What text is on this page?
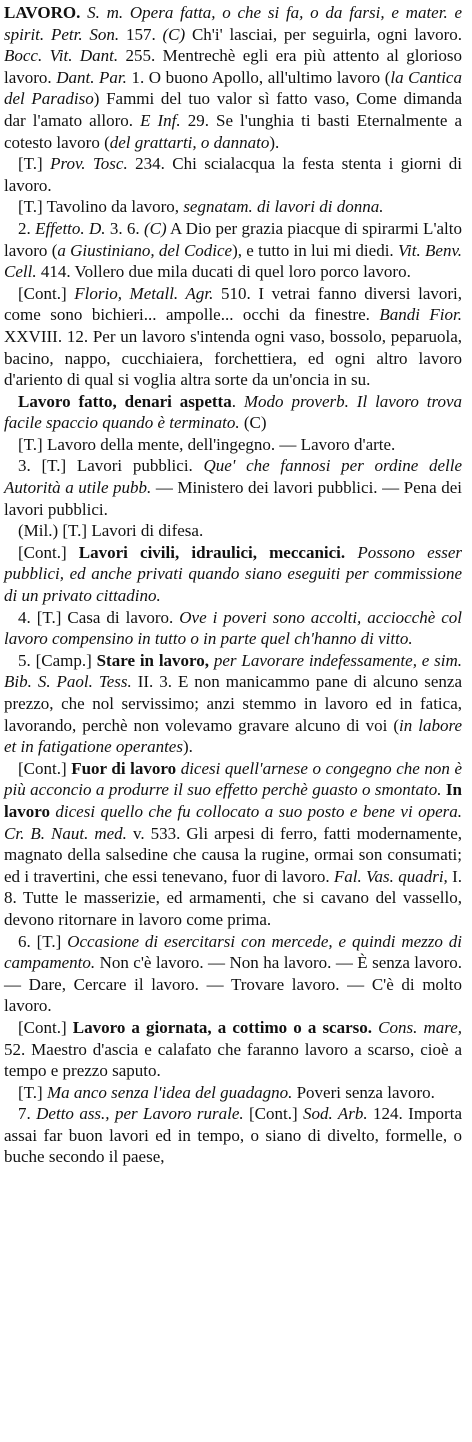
LAVORO. S. m. Opera fatta, o che si fa, o da farsi, e mater. e spirit. Petr. Son. 157. (C) Ch'i' lasciai, per seguirla, ogni lavoro. Bocc. Vit. Dant. 255. Mentrechè egli era più attento al glorioso lavoro. Dant. Par. 1. O buono Apollo, all'ultimo lavoro (la Cantica del Paradiso) Fammi del tuo valor sì fatto vaso, Come dimanda dar l'amato alloro. E Inf. 29. Se l'unghia ti basti Eternalmente a cotesto lavoro (del grattarti, o dannato).

[T.] Prov. Tosc. 234. Chi scialacqua la festa stenta i giorni di lavoro.

[T.] Tavolino da lavoro, segnatam. di lavori di donna.

2. Effetto. D. 3. 6. (C) A Dio per grazia piacque di spirarmi L'alto lavoro (a Giustiniano, del Codice), e tutto in lui mi diedi. Vit. Benv. Cell. 414. Vollero due mila ducati di quel loro porco lavoro.

[Cont.] Florio, Metall. Agr. 510. I vetrai fanno diversi lavori, come sono bichieri... ampolle... occhi da finestre. Bandi Fior. XXVIII. 12. Per un lavoro s'intenda ogni vaso, bossolo, peparuola, bacino, nappo, cucchiaiera, forchettiera, ed ogni altro lavoro d'ariento di qual si voglia altra sorte da un'oncia in su.

Lavoro fatto, denari aspetta. Modo proverb. Il lavoro trova facile spaccio quando è terminato. (C)

[T.] Lavoro della mente, dell'ingegno. — Lavoro d'arte.

3. [T.] Lavori pubblici. Que' che fannosi per ordine delle Autorità a utile pubb. — Ministero dei lavori pubblici. — Pena dei lavori pubblici.

(Mil.) [T.] Lavori di difesa.

[Cont.] Lavori civili, idraulici, meccanici. Possono esser pubblici, ed anche privati quando siano eseguiti per commissione di un privato cittadino.

4. [T.] Casa di lavoro. Ove i poveri sono accolti, acciocchè col lavoro compensino in tutto o in parte quel ch'hanno di vitto.

5. [Camp.] Stare in lavoro, per Lavorare indefessamente, e sim. Bib. S. Paol. Tess. II. 3. E non manicammo pane di alcuno senza prezzo, che nol servissimo; anzi stemmo in lavoro ed in fatica, lavorando, perchè non volevamo gravare alcuno di voi (in labore et in fatigatione operantes).

[Cont.] Fuor di lavoro dicesi quell'arnese o congegno che non è più acconcio a produrre il suo effetto perchè guasto o smontato. In lavoro dicesi quello che fu collocato a suo posto e bene vi opera. Cr. B. Naut. med. v. 533. Gli arpesi di ferro, fatti modernamente, magnato della salsedine che causa la rugine, ormai son consumati; ed i travertini, che essi tenevano, fuor di lavoro. Fal. Vas. quadri, I. 8. Tutte le masserizie, ed armamenti, che si cavano del vassello, devono ritornare in lavoro come prima.

6. [T.] Occasione di esercitarsi con mercede, e quindi mezzo di campamento. Non c'è lavoro. — Non ha lavoro. — È senza lavoro. — Dare, Cercare il lavoro. — Trovare lavoro. — C'è di molto lavoro.

[Cont.] Lavoro a giornata, a cottimo o a scarso. Cons. mare, 52. Maestro d'ascia e calafato che faranno lavoro a scarso, cioè a tempo e prezzo saputo.

[T.] Ma anco senza l'idea del guadagno. Poveri senza lavoro.

7. Detto ass., per Lavoro rurale. [Cont.] Sod. Arb. 124. Importa assai far buon lavori ed in tempo, o siano di divelto, formelle, o buche secondo il paese,
